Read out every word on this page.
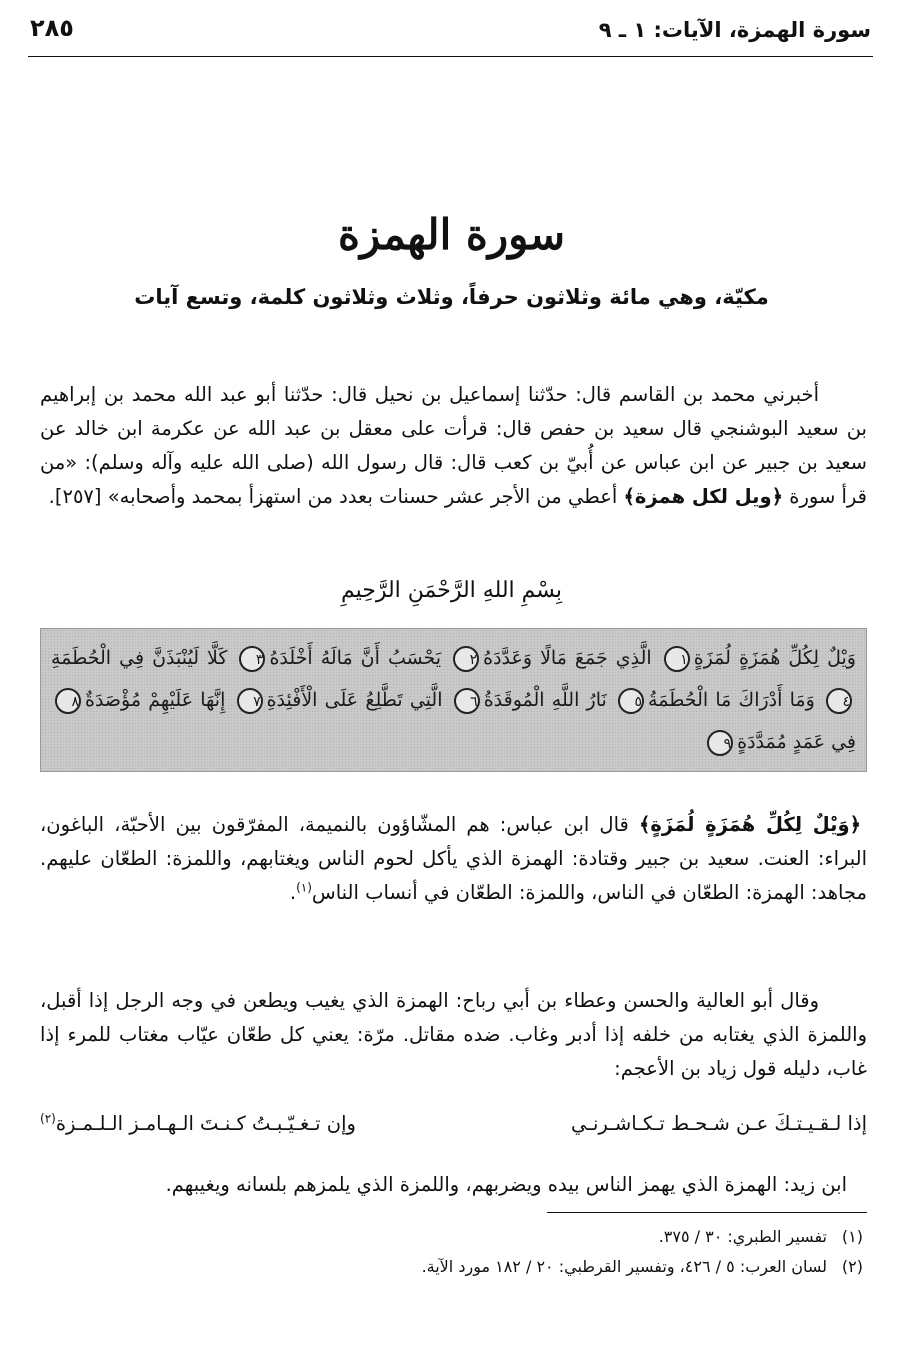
سورة الهمزة، الآيات: ١ ـ ٩
٢٨٥
سورة الهمزة
مكيّة، وهي مائة وثلاثون حرفاً، وثلاث وثلاثون كلمة، وتسع آيات

أخبرني محمد بن القاسم قال: حدّثنا إسماعيل بن نحيل قال: حدّثنا أبو عبد الله محمد بن إبراهيم بن سعيد البوشنجي قال سعيد بن حفص قال: قرأت على معقل بن عبد الله عن عكرمة ابن خالد عن سعيد بن جبير عن ابن عباس عن أُبيّ بن كعب قال: قال رسول الله (صلى الله عليه وآله وسلم): «من قرأ سورة ﴿ويل لكل همزة﴾ أعطي من الأجر عشر حسنات بعدد من استهزأ بمحمد وأصحابه» [٢٥٧].

بِسْمِ اللهِ الرَّحْمَنِ الرَّحِيمِ
وَيْلٌ لِكُلِّ هُمَزَةٍ لُمَزَةٍ١ الَّذِي جَمَعَ مَالًا وَعَدَّدَهُ٢ يَحْسَبُ أَنَّ مَالَهُ أَخْلَدَهُ٣ كَلَّا لَيُنْبَذَنَّ فِي الْحُطَمَةِ٤ وَمَا أَدْرَاكَ مَا الْحُطَمَةُ٥ نَارُ اللَّهِ الْمُوقَدَةُ٦ الَّتِي تَطَّلِعُ عَلَى الْأَفْئِدَةِ٧ إِنَّهَا عَلَيْهِمْ مُؤْصَدَةٌ٨ فِي عَمَدٍ مُمَدَّدَةٍ٩

﴿وَيْلٌ لِكُلِّ هُمَزَةٍ لُمَزَةٍ﴾ قال ابن عباس: هم المشّاؤون بالنميمة، المفرّقون بين الأحبّة، الباغون، البراء: العنت. سعيد بن جبير وقتادة: الهمزة الذي يأكل لحوم الناس ويغتابهم، واللمزة: الطعّان عليهم. مجاهد: الهمزة: الطعّان في الناس، واللمزة: الطعّان في أنساب الناس$^{(١)}$.

وقال أبو العالية والحسن وعطاء بن أبي رباح: الهمزة الذي يغيب ويطعن في وجه الرجل إذا أقبل، واللمزة الذي يغتابه من خلفه إذا أدبر وغاب. ضده مقاتل. مرّة: يعني كل طعّان عيّاب مغتاب للمرء إذا غاب، دليله قول زياد بن الأعجم:

إذا لـقـيـتـكَ عـن شـحـط تـكـاشـرنـي
وإن تـغـيّـبـتُ كـنـتَ الـهـامـز الـلـمـزة$^{(٢)}$

ابن زيد: الهمزة الذي يهمز الناس بيده ويضربهم، واللمزة الذي يلمزهم بلسانه ويغيبهم.

(١)تفسير الطبري: ٣٠ / ٣٧٥.
(٢)لسان العرب: ٥ / ٤٢٦، وتفسير القرطبي: ٢٠ / ١٨٢ مورد الآية.
